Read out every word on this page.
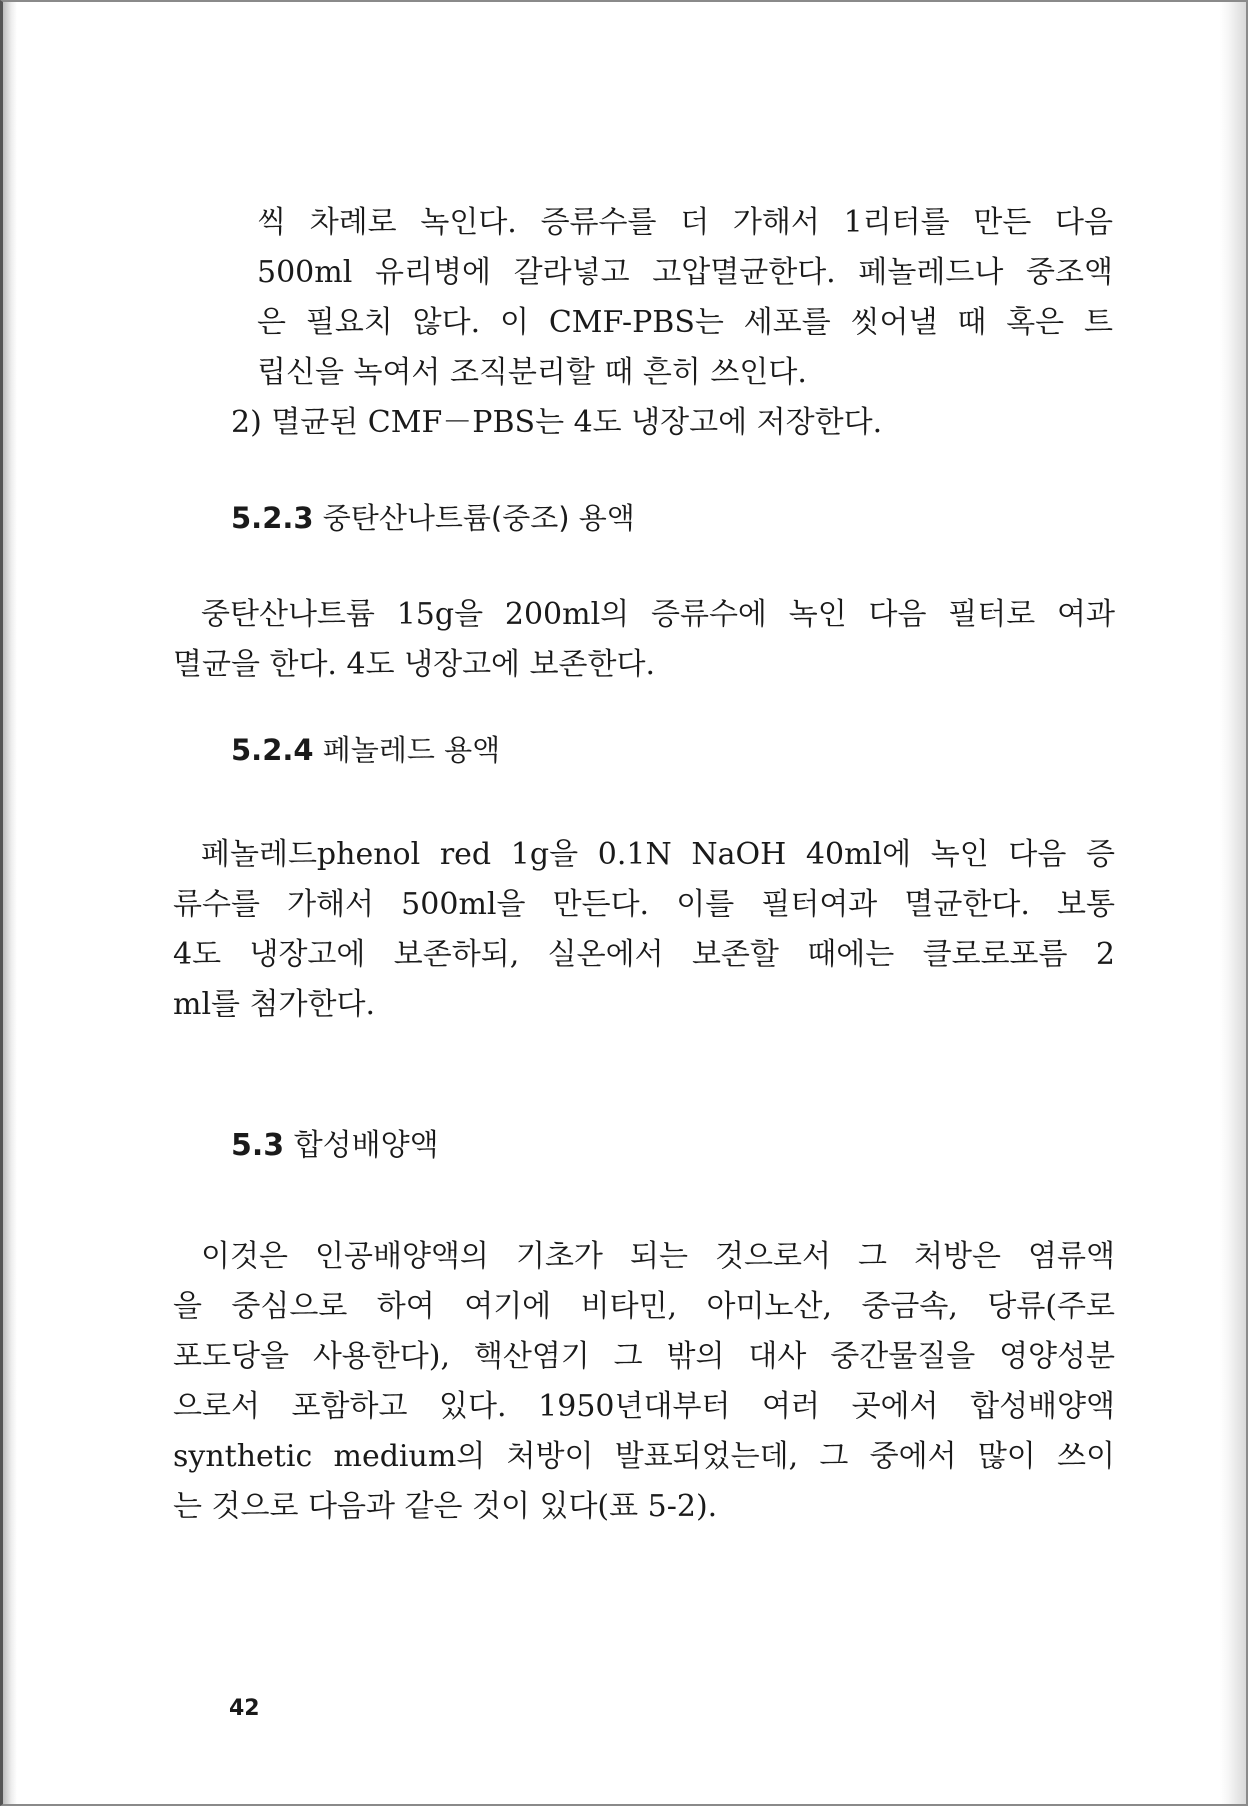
씩 차례로 녹인다. 증류수를 더 가해서 1리터를 만든 다음
500ml 유리병에 갈라넣고 고압멸균한다. 페놀레드나 중조액
은 필요치 않다. 이 CMF-PBS는 세포를 씻어낼 때 혹은 트
립신을 녹여서 조직분리할 때 흔히 쓰인다.
2) 멸균된 CMF－PBS는 4도 냉장고에 저장한다.
5.2.3 중탄산나트륨(중조) 용액
중탄산나트륨 15g을 200ml의 증류수에 녹인 다음 필터로 여과
멸균을 한다. 4도 냉장고에 보존한다.
5.2.4 페놀레드 용액
페놀레드phenol red 1g을 0.1N NaOH 40ml에 녹인 다음 증
류수를 가해서 500ml을 만든다. 이를 필터여과 멸균한다. 보통
4도 냉장고에 보존하되, 실온에서 보존할 때에는 클로로포름 2
ml를 첨가한다.
5.3 합성배양액
이것은 인공배양액의 기초가 되는 것으로서 그 처방은 염류액
을 중심으로 하여 여기에 비타민, 아미노산, 중금속, 당류(주로
포도당을 사용한다), 핵산염기 그 밖의 대사 중간물질을 영양성분
으로서 포함하고 있다. 1950년대부터 여러 곳에서 합성배양액
synthetic medium의 처방이 발표되었는데, 그 중에서 많이 쓰이
는 것으로 다음과 같은 것이 있다(표 5-2).
42
